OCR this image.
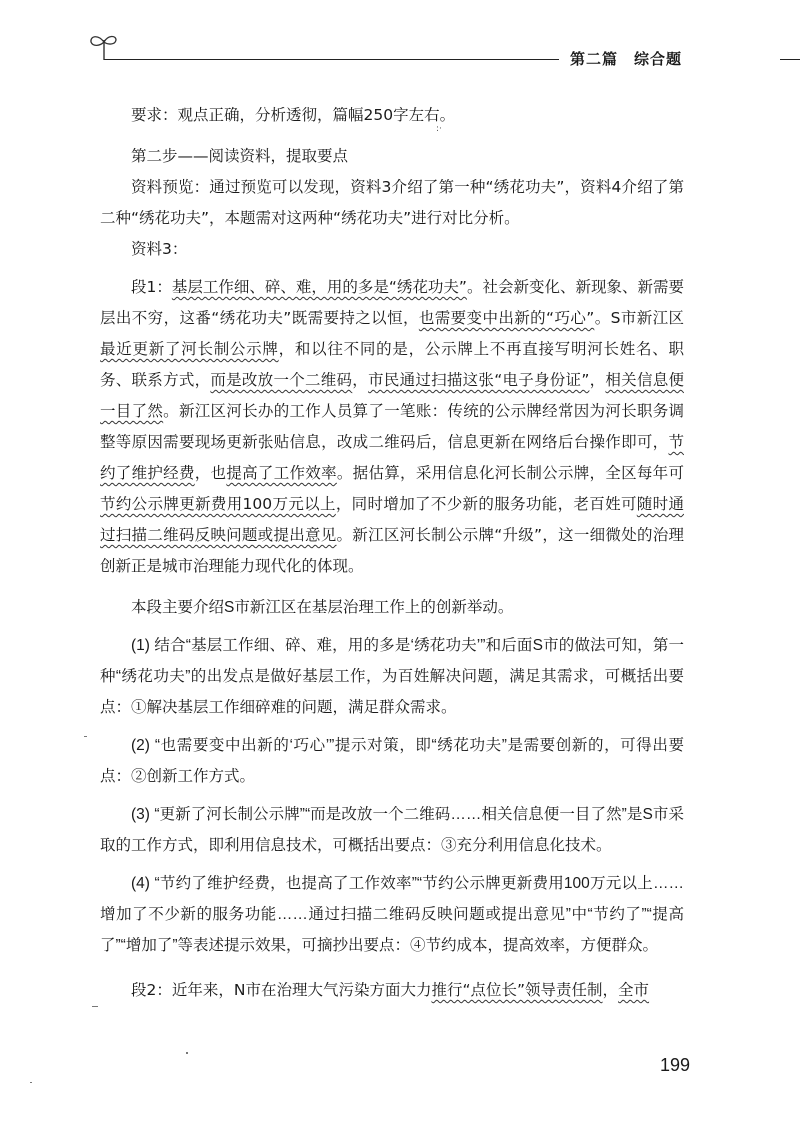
第二篇　综合题
:·

要求：观点正确，分析透彻，篇幅250字左右。

第二步——阅读资料，提取要点

资料预览：通过预览可以发现，资料3介绍了第一种“绣花功夫”，资料4介绍了第二种“绣花功夫”，本题需对这两种“绣花功夫”进行对比分析。

资料3：

段1：基层工作细、碎、难，用的多是“绣花功夫”。社会新变化、新现象、新需要层出不穷，这番“绣花功夫”既需要持之以恒，也需要变中出新的“巧心”。S市新江区最近更新了河长制公示牌，和以往不同的是，公示牌上不再直接写明河长姓名、职务、联系方式，而是改放一个二维码，市民通过扫描这张“电子身份证”，相关信息便一目了然。新江区河长办的工作人员算了一笔账：传统的公示牌经常因为河长职务调整等原因需要现场更新张贴信息，改成二维码后，信息更新在网络后台操作即可，节约了维护经费，也提高了工作效率。据估算，采用信息化河长制公示牌，全区每年可节约公示牌更新费用100万元以上，同时增加了不少新的服务功能，老百姓可随时通过扫描二维码反映问题或提出意见。新江区河长制公示牌“升级”，这一细微处的治理创新正是城市治理能力现代化的体现。

本段主要介绍S市新江区在基层治理工作上的创新举动。

(1) 结合“基层工作细、碎、难，用的多是‘绣花功夫’”和后面S市的做法可知，第一种“绣花功夫”的出发点是做好基层工作，为百姓解决问题，满足其需求，可概括出要点：①解决基层工作细碎难的问题，满足群众需求。

(2) “也需要变中出新的‘巧心’”提示对策，即“绣花功夫”是需要创新的，可得出要点：②创新工作方式。

(3) “更新了河长制公示牌”“而是改放一个二维码……相关信息便一目了然”是S市采取的工作方式，即利用信息技术，可概括出要点：③充分利用信息化技术。

(4) “节约了维护经费，也提高了工作效率”“节约公示牌更新费用100万元以上……增加了不少新的服务功能……通过扫描二维码反映问题或提出意见”中“节约了”“提高了”“增加了”等表述提示效果，可摘抄出要点：④节约成本，提高效率，方便群众。

段2：近年来，N市在治理大气污染方面大力推行“点位长”领导责任制，全市

199
